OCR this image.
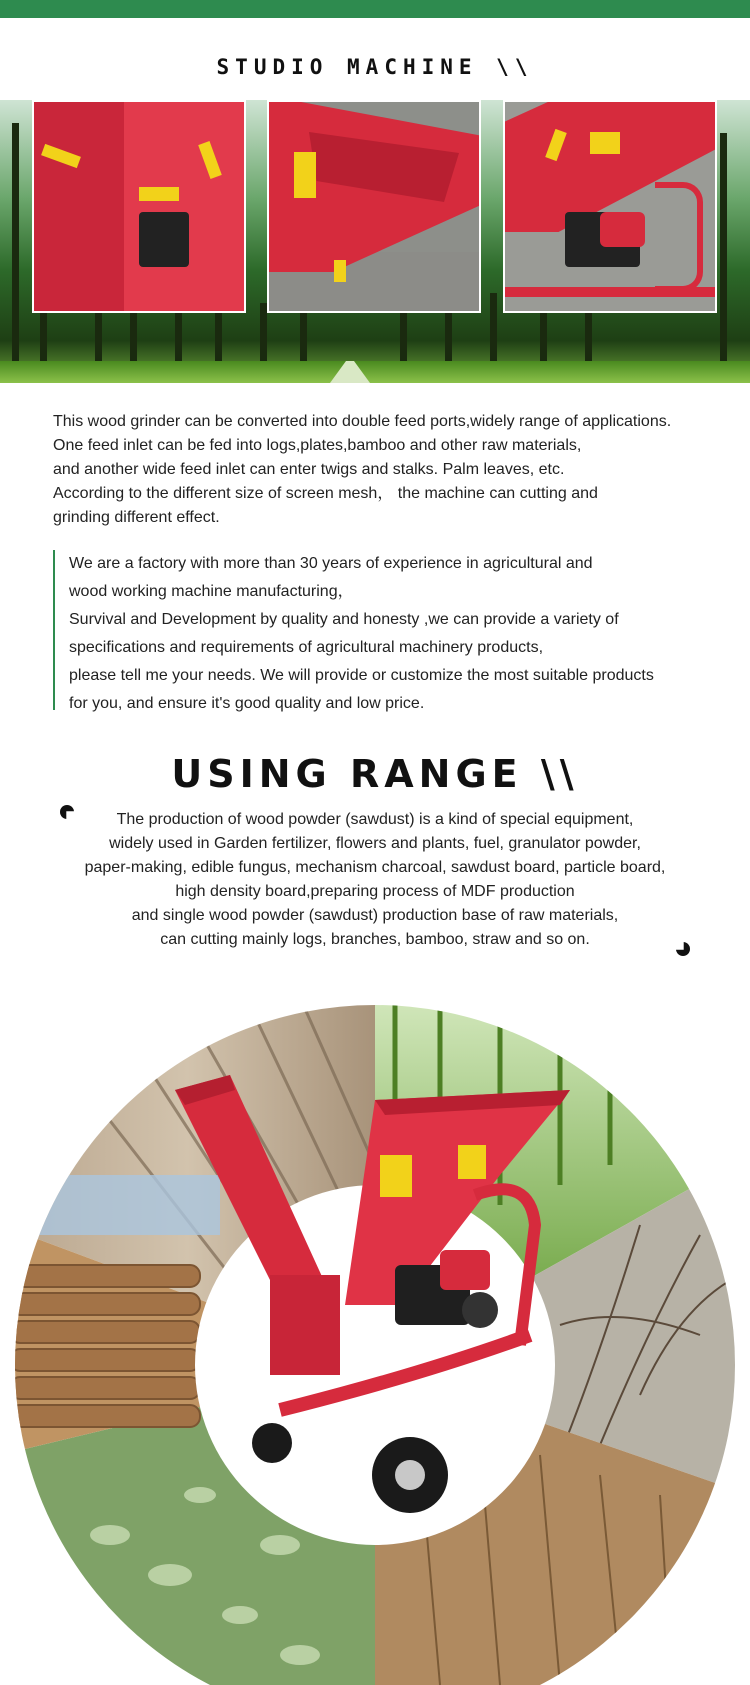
STUDIO MACHINE \\
This wood grinder can be converted into double feed ports,widely range of applications.
One feed inlet can be fed into logs,plates,bamboo and other raw materials,
and another wide feed inlet can enter twigs and stalks. Palm leaves, etc.
According to the different size of screen mesh， the machine can cutting and
grinding different effect.
We are a factory with more than 30 years of experience in agricultural and
wood working machine manufacturing，
Survival and Development by quality and honesty ,we can provide a variety of
specifications and requirements of agricultural machinery products,
please tell me your needs. We will provide or customize the most suitable products
for you, and ensure it's good quality and low price.
USING RANGE \\
The production of wood powder (sawdust) is a kind of special equipment,
widely used in Garden fertilizer, flowers and plants, fuel, granulator powder,
paper-making, edible fungus, mechanism charcoal, sawdust board, particle board,
high density board,preparing process of MDF production
and single wood powder (sawdust) production base of raw materials,
can cutting mainly logs, branches, bamboo, straw and so on.
